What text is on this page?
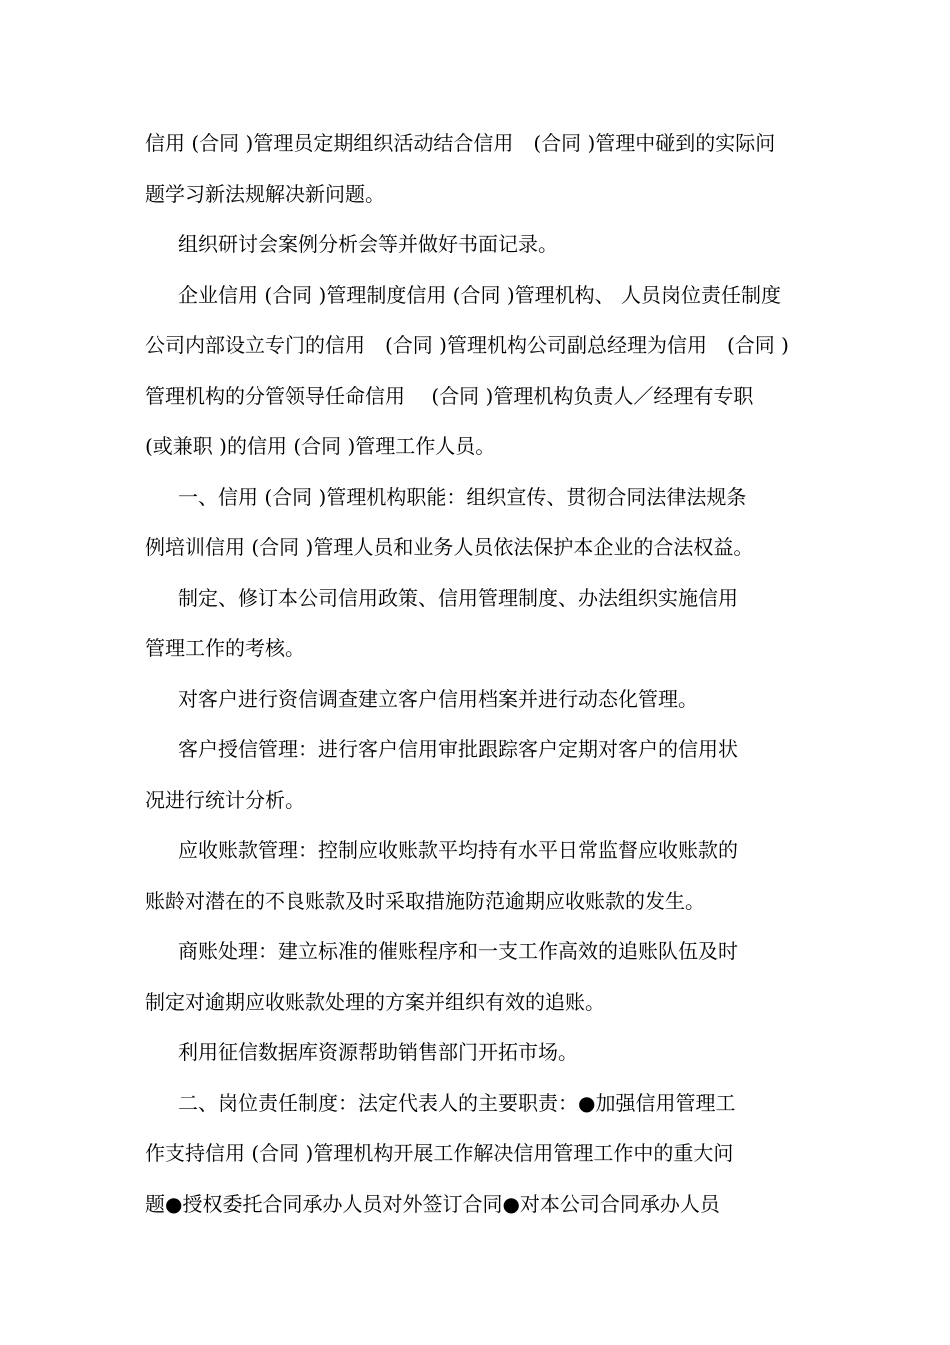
信用 (合同 )管理员定期组织活动结合信用　(合同 )管理中碰到的实际问

题学习新法规解决新问题。

组织研讨会案例分析会等并做好书面记录。

企业信用 (合同 )管理制度信用 (合同 )管理机构、 人员岗位责任制度

公司内部设立专门的信用　(合同 )管理机构公司副总经理为信用　(合同 )

管理机构的分管领导任命信用　 (合同 )管理机构负责人／经理有专职

(或兼职 )的信用 (合同 )管理工作人员。

一、信用 (合同 )管理机构职能：组织宣传、贯彻合同法律法规条

例培训信用 (合同 )管理人员和业务人员依法保护本企业的合法权益。

制定、修订本公司信用政策、信用管理制度、办法组织实施信用

管理工作的考核。

对客户进行资信调查建立客户信用档案并进行动态化管理。

客户授信管理：进行客户信用审批跟踪客户定期对客户的信用状

况进行统计分析。

应收账款管理：控制应收账款平均持有水平日常监督应收账款的

账龄对潜在的不良账款及时采取措施防范逾期应收账款的发生。

商账处理：建立标准的催账程序和一支工作高效的追账队伍及时

制定对逾期应收账款处理的方案并组织有效的追账。

利用征信数据库资源帮助销售部门开拓市场。

二、岗位责任制度：法定代表人的主要职责：●加强信用管理工

作支持信用 (合同 )管理机构开展工作解决信用管理工作中的重大问

题●授权委托合同承办人员对外签订合同●对本公司合同承办人员
